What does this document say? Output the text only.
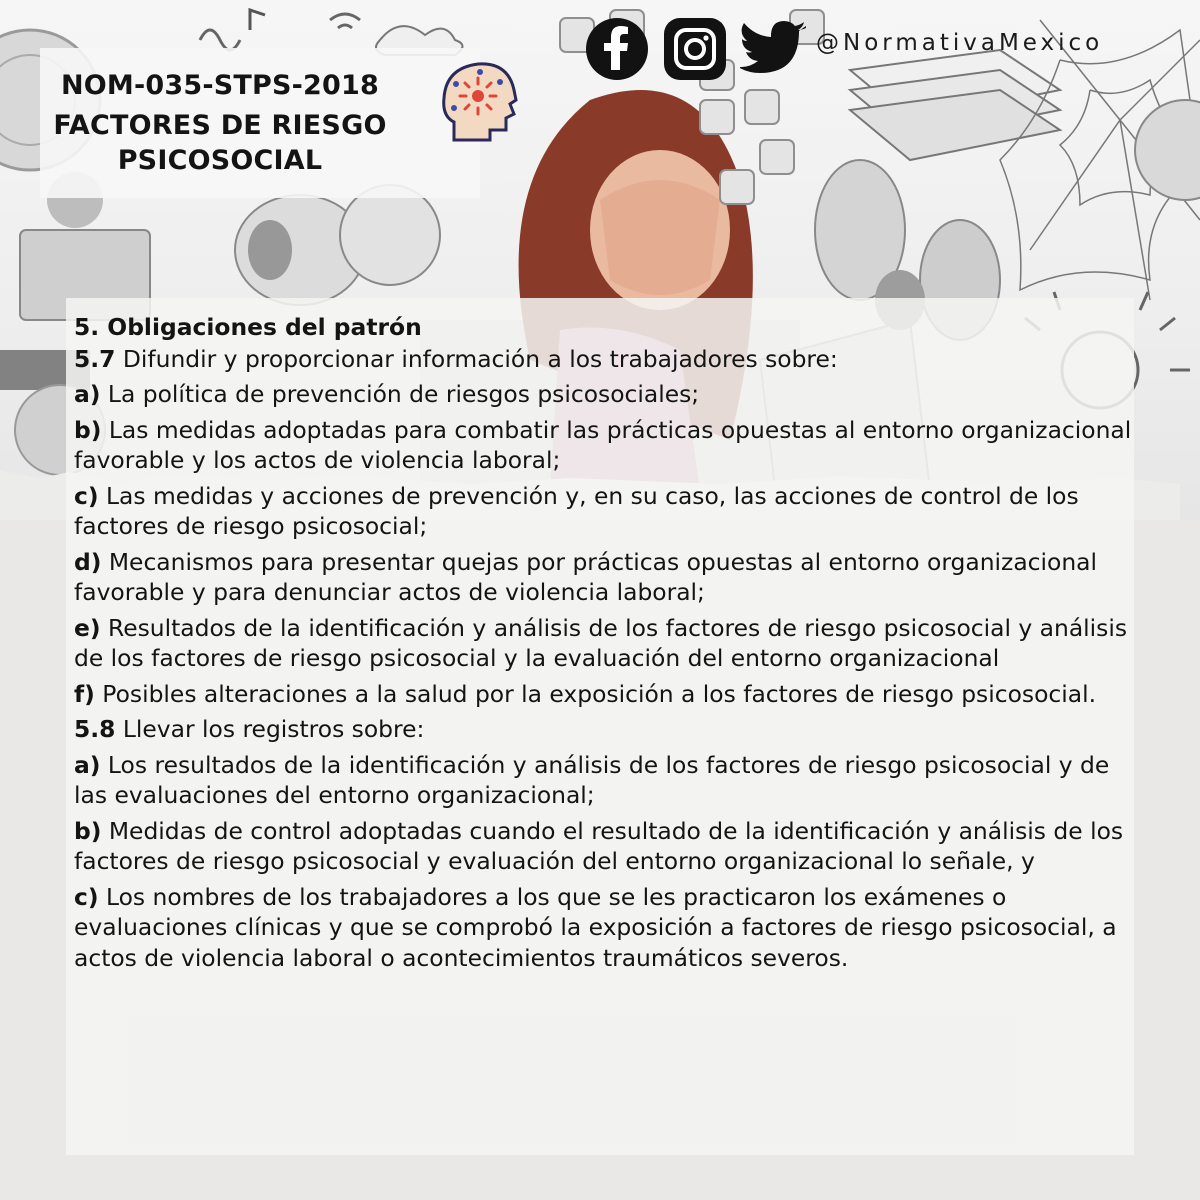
NOM-035-STPS-2018
FACTORES DE RIESGO
PSICOSOCIAL
@NormativaMexico
5. Obligaciones del patrón
5.7 Difundir y proporcionar información a los trabajadores sobre:
a) La política de prevención de riesgos psicosociales;
b) Las medidas adoptadas para combatir las prácticas opuestas al entorno organizacional favorable y los actos de violencia laboral;
c) Las medidas y acciones de prevención y, en su caso, las acciones de control de los factores de riesgo psicosocial;
d) Mecanismos para presentar quejas por prácticas opuestas al entorno organizacional favorable y para denunciar actos de violencia laboral;
e) Resultados de la identificación y análisis de los factores de riesgo psicosocial y análisis de los factores de riesgo psicosocial y la evaluación del entorno organizacional
f) Posibles alteraciones a la salud por la exposición a los factores de riesgo psicosocial.
5.8 Llevar los registros sobre:
a) Los resultados de la identificación y análisis de los factores de riesgo psicosocial y de las evaluaciones del entorno organizacional;
b) Medidas de control adoptadas cuando el resultado de la identificación y análisis de los factores de riesgo psicosocial y evaluación del entorno organizacional lo señale, y
c) Los nombres de los trabajadores a los que se les practicaron los exámenes o evaluaciones clínicas y que se comprobó la exposición a factores de riesgo psicosocial, a actos de violencia laboral o acontecimientos traumáticos severos.
